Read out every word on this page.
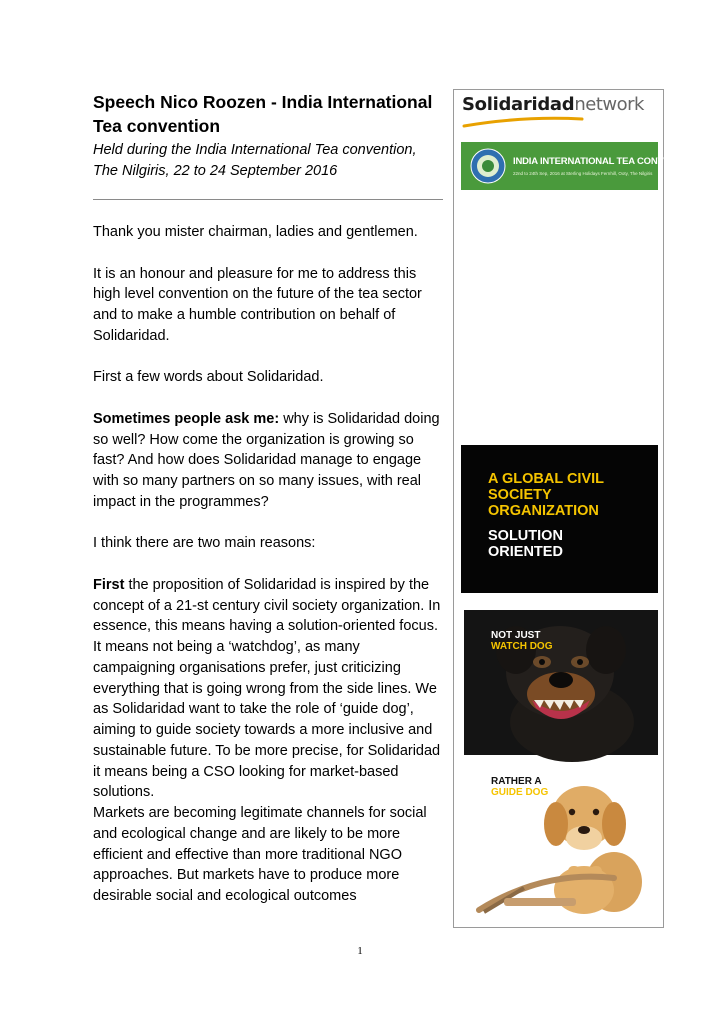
Speech Nico Roozen - India International Tea convention

Held during the India International Tea convention, The Nilgiris, 22 to 24 September 2016

Thank you mister chairman, ladies and gentlemen.

It is an honour and pleasure for me to address this high level convention on the future of the tea sector and to make a humble contribution on behalf of Solidaridad.

First a few words about Solidaridad.

Sometimes people ask me: why is Solidaridad doing so well? How come the organization is growing so fast? And how does Solidaridad manage to engage with so many partners on so many issues, with real impact in the programmes?

I think there are two main reasons:

First the proposition of Solidaridad is inspired by the concept of a 21-st century civil society organization. In essence, this means having a solution-oriented focus. It means not being a ‘watchdog’, as many campaigning organisations prefer, just criticizing everything that is going wrong from the side lines. We as Solidaridad want to take the role of ‘guide dog’, aiming to guide society towards a more inclusive and sustainable future. To be more precise, for Solidaridad it means being a CSO looking for market-based solutions.

Markets are becoming legitimate channels for social and ecological change and are likely to be more efficient and effective than more traditional NGO approaches. But markets have to produce more desirable social and ecological outcomes

Solidaridadnetwork
INDIA INTERNATIONAL TEA CONVENTION
22nd to 24th Sep, 2016 at Sterling Holidays Fernhill, Ooty, The Nilgiris
A GLOBAL CIVIL
SOCIETY
ORGANIZATION
SOLUTION
ORIENTED
NOT JUST
WATCH DOG
RATHER A
GUIDE DOG
1
